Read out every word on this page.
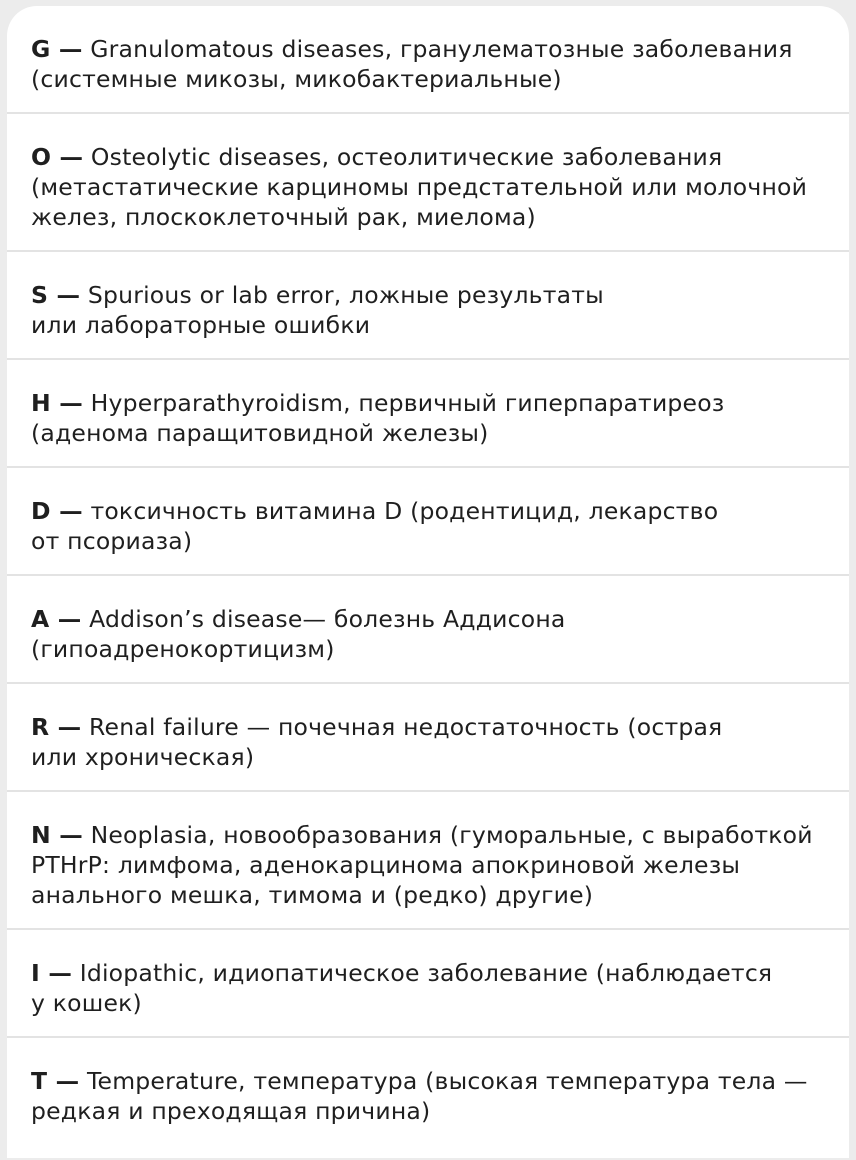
G — Granulomatous diseases, гранулематозные заболевания
(системные микозы, микобактериальные)
O — Osteolytic diseases, остеолитические заболевания
(метастатические карциномы предстательной или молочной
желез, плоскоклеточный рак, миелома)
S — Spurious or lab error, ложные результаты
или лабораторные ошибки
H — Hyperparathyroidism, первичный гиперпаратиреоз
(аденома паращитовидной железы)
D — токсичность витамина D (родентицид, лекарство
от псориаза)
A — Addison’s disease— болезнь Аддисона
(гипоадренокортицизм)
R — Renal failure — почечная недостаточность (острая
или хроническая)
N — Neoplasia, новообразования (гуморальные, с выработкой
PTHrP: лимфома, аденокарцинома апокриновой железы
анального мешка, тимома и (редко) другие)
I — Idiopathic, идиопатическое заболевание (наблюдается
у кошек)
T — Temperature, температура (высокая температура тела —
редкая и преходящая причина)
